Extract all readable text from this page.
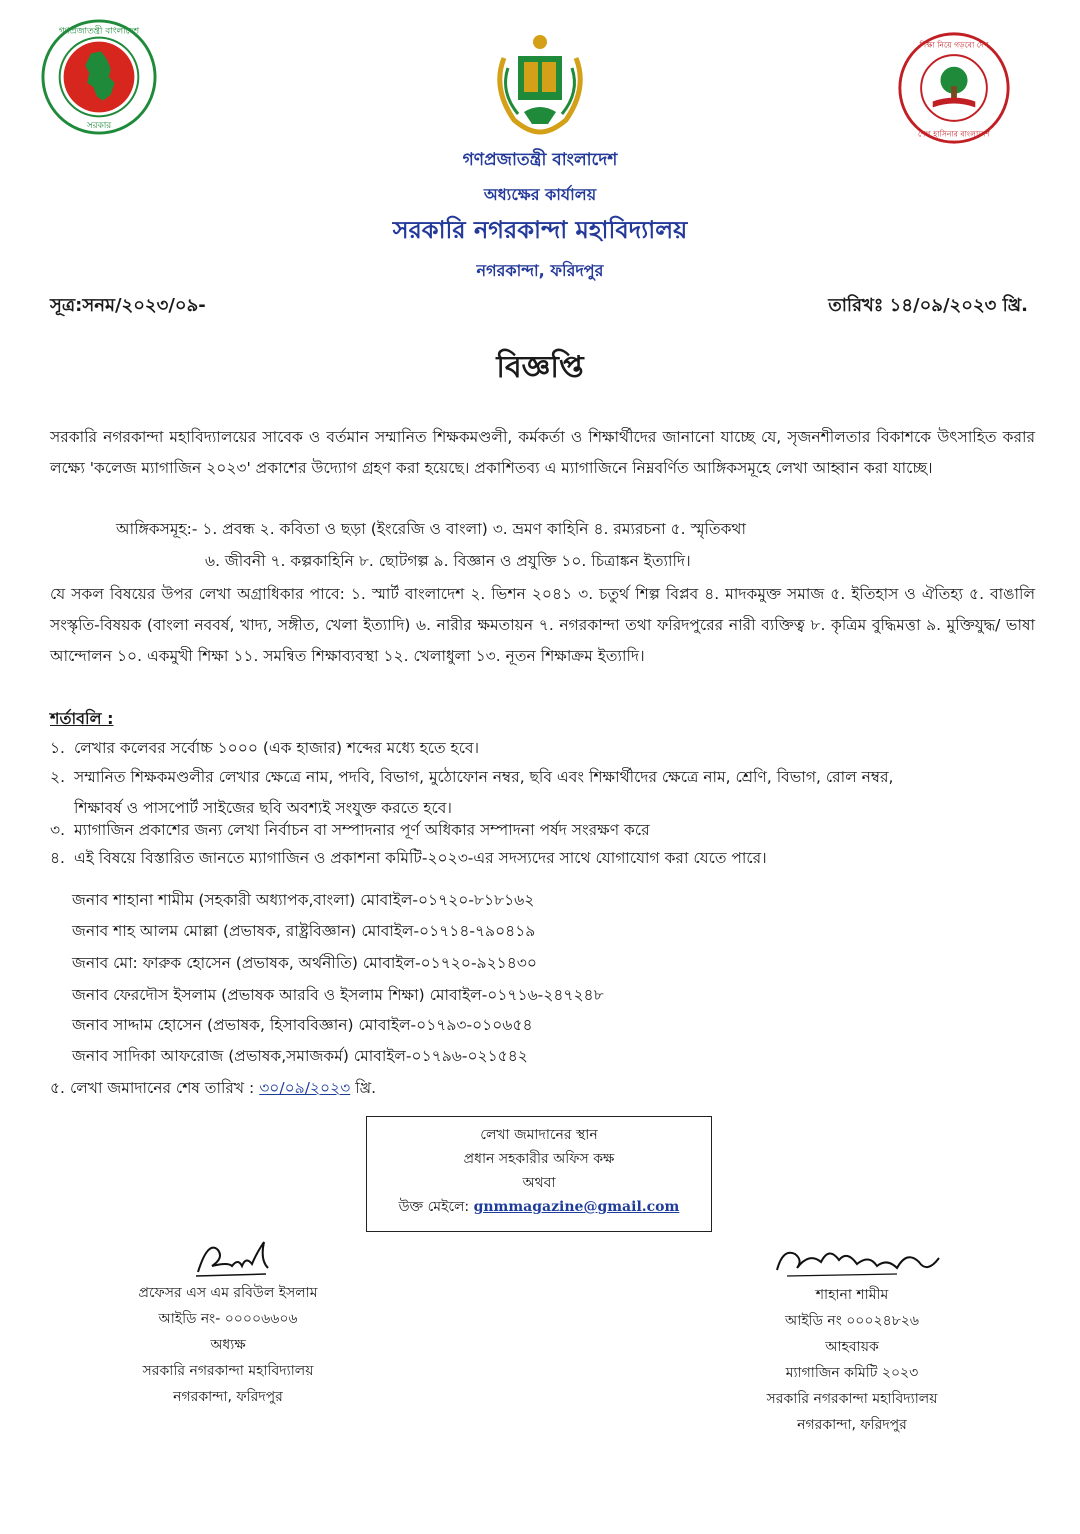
গণপ্রজাতন্ত্রী বাংলাদেশ
সরকার
শিক্ষা নিয়ে গড়বো দেশ
শেখ হাসিনার বাংলাদেশ
গণপ্রজাতন্ত্রী বাংলাদেশ
অধ্যক্ষের কার্যালয়
সরকারি নগরকান্দা মহাবিদ্যালয়
নগরকান্দা, ফরিদপুর
সূত্র:সনম/২০২৩/০৯-	তারিখঃ ১৪/০৯/২০২৩ খ্রি.
বিজ্ঞপ্তি
সরকারি নগরকান্দা মহাবিদ্যালয়ের সাবেক ও বর্তমান সম্মানিত শিক্ষকমণ্ডলী, কর্মকর্তা ও শিক্ষার্থীদের জানানো যাচ্ছে যে, সৃজনশীলতার বিকাশকে উৎসাহিত করার লক্ষ্যে 'কলেজ ম্যাগাজিন ২০২৩' প্রকাশের উদ্যোগ গ্রহণ করা হয়েছে। প্রকাশিতব্য এ ম্যাগাজিনে নিম্নবর্ণিত আঙ্গিকসমূহে লেখা আহ্বান করা যাচ্ছে।
আঙ্গিকসমূহ:- ১. প্রবন্ধ ২. কবিতা ও ছড়া (ইংরেজি ও বাংলা) ৩. ভ্রমণ কাহিনি ৪. রম্যরচনা ৫. স্মৃতিকথা
৬. জীবনী ৭. কল্পকাহিনি ৮. ছোটগল্প ৯. বিজ্ঞান ও প্রযুক্তি ১০. চিত্রাঙ্কন ইত্যাদি।
যে সকল বিষয়ের উপর লেখা অগ্রাধিকার পাবে: ১. স্মার্ট বাংলাদেশ ২. ভিশন ২০৪১ ৩. চতুর্থ শিল্প বিপ্লব ৪. মাদকমুক্ত সমাজ ৫. ইতিহাস ও ঐতিহ্য ৫. বাঙালি সংস্কৃতি-বিষয়ক (বাংলা নববর্ষ, খাদ্য, সঙ্গীত, খেলা ইত্যাদি) ৬. নারীর ক্ষমতায়ন ৭. নগরকান্দা তথা ফরিদপুরের নারী ব্যক্তিত্ব ৮. কৃত্রিম বুদ্ধিমত্তা ৯. মুক্তিযুদ্ধ/ ভাষা আন্দোলন ১০. একমুখী শিক্ষা ১১. সমন্বিত শিক্ষাব্যবস্থা ১২. খেলাধুলা ১৩. নূতন শিক্ষাক্রম ইত্যাদি।
শর্তাবলি :
১. লেখার কলেবর সর্বোচ্চ ১০০০ (এক হাজার) শব্দের মধ্যে হতে হবে।
২. সম্মানিত শিক্ষকমণ্ডলীর লেখার ক্ষেত্রে নাম, পদবি, বিভাগ, মুঠোফোন নম্বর, ছবি এবং শিক্ষার্থীদের ক্ষেত্রে নাম, শ্রেণি, বিভাগ, রোল নম্বর,
শিক্ষাবর্ষ ও পাসপোর্ট সাইজের ছবি অবশ্যই সংযুক্ত করতে হবে।
৩. ম্যাগাজিন প্রকাশের জন্য লেখা নির্বাচন বা সম্পাদনার পূর্ণ অধিকার সম্পাদনা পর্ষদ সংরক্ষণ করে
৪. এই বিষয়ে বিস্তারিত জানতে ম্যাগাজিন ও প্রকাশনা কমিটি-২০২৩-এর সদস্যদের সাথে যোগাযোগ করা যেতে পারে।
জনাব শাহানা শামীম (সহকারী অধ্যাপক,বাংলা) মোবাইল-০১৭২০-৮১৮১৬২
জনাব শাহ আলম মোল্লা (প্রভাষক, রাষ্ট্রবিজ্ঞান) মোবাইল-০১৭১৪-৭৯০৪১৯
জনাব মো: ফারুক হোসেন (প্রভাষক, অর্থনীতি) মোবাইল-০১৭২০-৯২১৪৩০
জনাব ফেরদৌস ইসলাম (প্রভাষক আরবি ও ইসলাম শিক্ষা) মোবাইল-০১৭১৬-২৪৭২৪৮
জনাব সাদ্দাম হোসেন (প্রভাষক, হিসাববিজ্ঞান) মোবাইল-০১৭৯৩-০১০৬৫৪
জনাব সাদিকা আফরোজ (প্রভাষক,সমাজকর্ম) মোবাইল-০১৭৯৬-০২১৫৪২
৫. লেখা জমাদানের শেষ তারিখ : ৩০/০৯/২০২৩ খ্রি.
লেখা জমাদানের স্থান
প্রধান সহকারীর অফিস কক্ষ
অথবা
উক্ত মেইলে: gnmmagazine@gmail.com
প্রফেসর এস এম রবিউল ইসলাম
আইডি নং- ০০০০৬৬০৬
অধ্যক্ষ
সরকারি নগরকান্দা মহাবিদ্যালয়
নগরকান্দা, ফরিদপুর
শাহানা শামীম
আইডি নং ০০০২৪৮২৬
আহবায়ক
ম্যাগাজিন কমিটি ২০২৩
সরকারি নগরকান্দা মহাবিদ্যালয়
নগরকান্দা, ফরিদপুর
